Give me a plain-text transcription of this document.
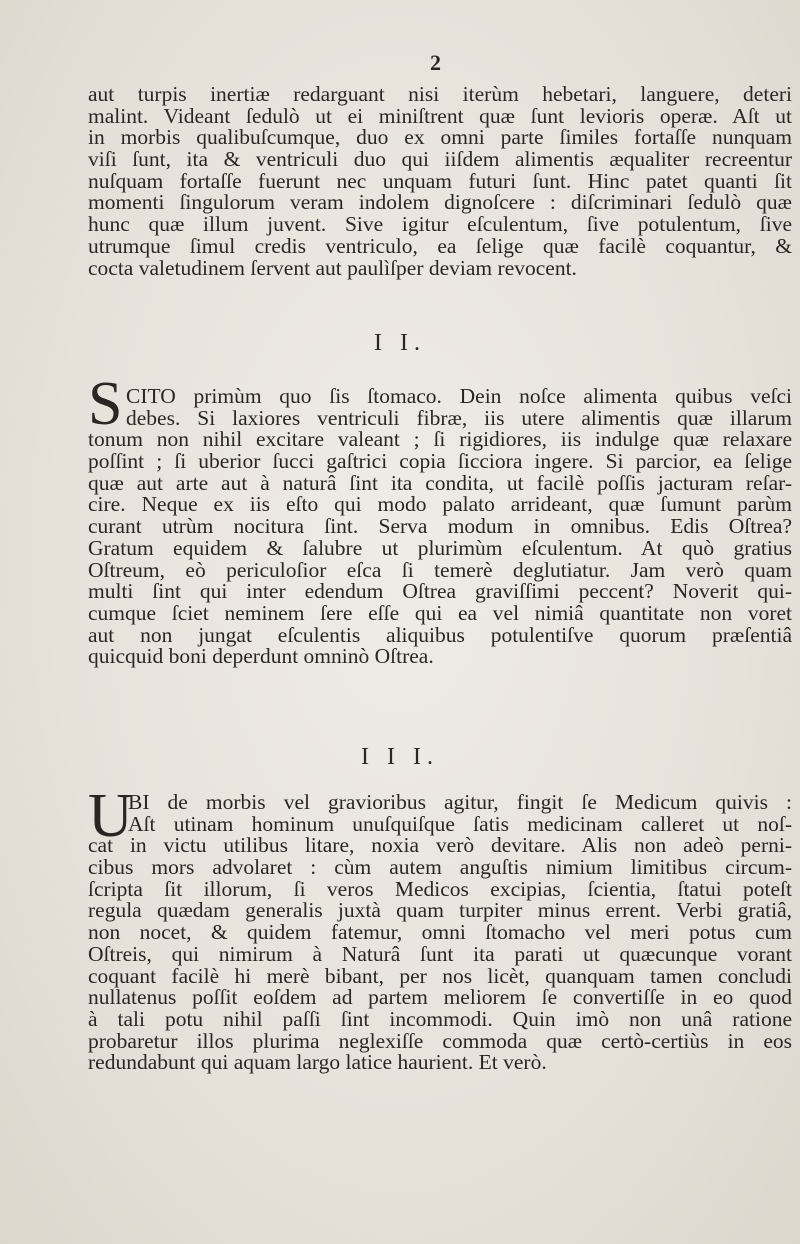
2
aut turpis inertiæ redarguant nisi iterùm hebetari, languere, deteri
malint. Videant ſedulò ut ei miniſtrent quæ ſunt levioris operæ. Aſt ut
in morbis qualibuſcumque, duo ex omni parte ſimiles fortaſſe nunquam
viſi ſunt, ita & ventriculi duo qui iiſdem alimentis æqualiter recreentur
nuſquam fortaſſe fuerunt nec unquam futuri ſunt. Hinc patet quanti ſit
momenti ſingulorum veram indolem dignoſcere : diſcriminari ſedulò quæ
hunc quæ illum juvent. Sive igitur eſculentum, ſive potulentum, ſive
utrumque ſimul credis ventriculo, ea ſelige quæ facilè coquantur, &
cocta valetudinem ſervent aut paulìſper deviam revocent.
I I.
S CITO primùm quo ſis ſtomaco. Dein noſce alimenta quibus veſci
debes. Si laxiores ventriculi fibræ, iis utere alimentis quæ illarum
tonum non nihil excitare valeant ; ſi rigidiores, iis indulge quæ relaxare
poſſint ; ſi uberior ſucci gaſtrici copia ſicciora ingere. Si parcior, ea ſelige
quæ aut arte aut à naturâ ſint ita condita, ut facilè poſſis jacturam reſar-
cire. Neque ex iis eſto qui modo palato arrideant, quæ ſumunt parùm
curant utrùm nocitura ſint. Serva modum in omnibus. Edis Oſtrea?
Gratum equidem & ſalubre ut plurimùm eſculentum. At quò gratius
Oſtreum, eò periculoſior eſca ſi temerè deglutiatur. Jam verò quam
multi ſint qui inter edendum Oſtrea graviſſimi peccent? Noverit qui-
cumque ſciet neminem ſere eſſe qui ea vel nimiâ quantitate non voret
aut non jungat eſculentis aliquibus potulentiſve quorum præſentiâ
quicquid boni deperdunt omninò Oſtrea.
I I I.
U
BI de morbis vel gravioribus agitur, fingit ſe Medicum quivis :
Aſt utinam hominum unuſquiſque ſatis medicinam calleret ut noſ-
cat in victu utilibus litare, noxia verò devitare. Alis non adeò perni-
cibus mors advolaret : cùm autem anguſtis nimium limitibus circum-
ſcripta ſit illorum, ſi veros Medicos excipias, ſcientia, ſtatui poteſt
regula quædam generalis juxtà quam turpiter minus errent. Verbi gratiâ,
non nocet, & quidem fatemur, omni ſtomacho vel meri potus cum
Oſtreis, qui nimirum à Naturâ ſunt ita parati ut quæcunque vorant
coquant facilè hi merè bibant, per nos licèt, quanquam tamen concludi
nullatenus poſſit eoſdem ad partem meliorem ſe convertiſſe in eo quod
à tali potu nihil paſſi ſint incommodi. Quin imò non unâ ratione
probaretur illos plurima neglexiſſe commoda quæ certò-certiùs in eos
redundabunt qui aquam largo latice haurient. Et verò.
